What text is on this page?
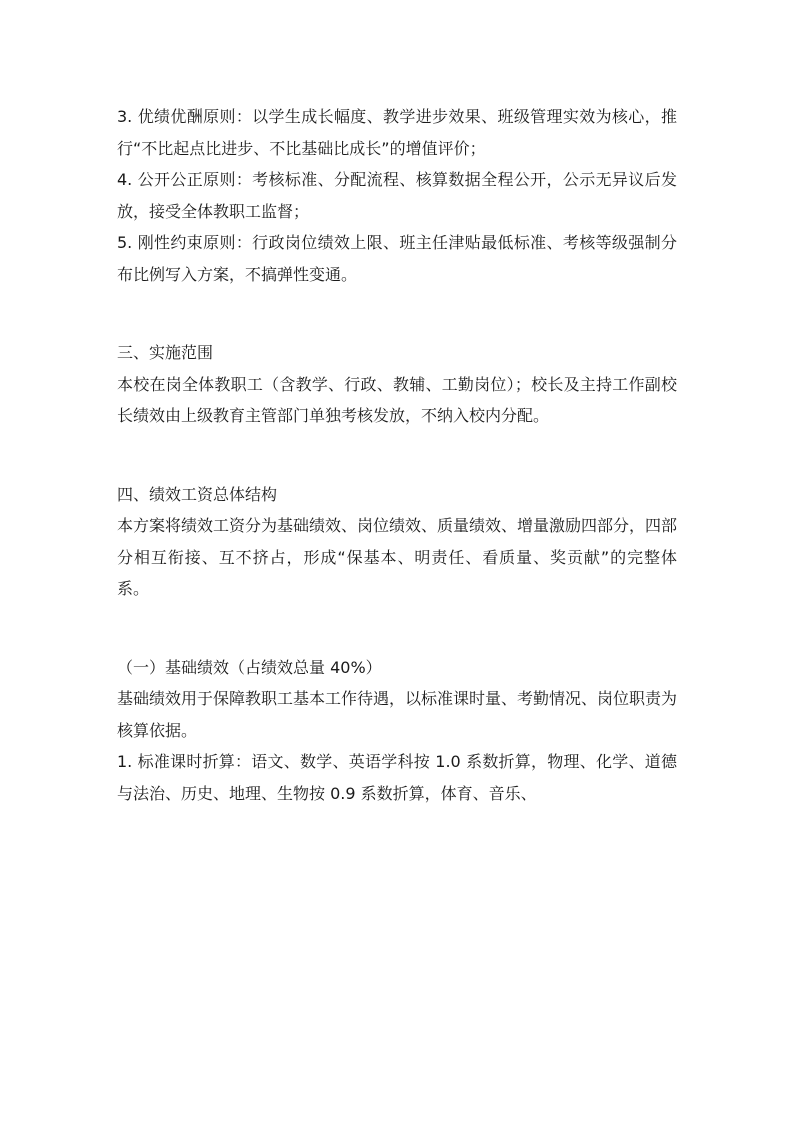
3. 优绩优酬原则：以学生成长幅度、教学进步效果、班级管理实效为核心，推行“不比起点比进步、不比基础比成长”的增值评价；

4. 公开公正原则：考核标准、分配流程、核算数据全程公开，公示无异议后发放，接受全体教职工监督；

5. 刚性约束原则：行政岗位绩效上限、班主任津贴最低标准、考核等级强制分布比例写入方案，不搞弹性变通。

三、实施范围

本校在岗全体教职工（含教学、行政、教辅、工勤岗位）；校长及主持工作副校长绩效由上级教育主管部门单独考核发放，不纳入校内分配。

四、绩效工资总体结构

本方案将绩效工资分为基础绩效、岗位绩效、质量绩效、增量激励四部分，四部分相互衔接、互不挤占，形成“保基本、明责任、看质量、奖贡献”的完整体系。

（一）基础绩效（占绩效总量 40%）

基础绩效用于保障教职工基本工作待遇，以标准课时量、考勤情况、岗位职责为核算依据。

1. 标准课时折算：语文、数学、英语学科按 1.0 系数折算，物理、化学、道德与法治、历史、地理、生物按 0.9 系数折算，体育、音乐、
